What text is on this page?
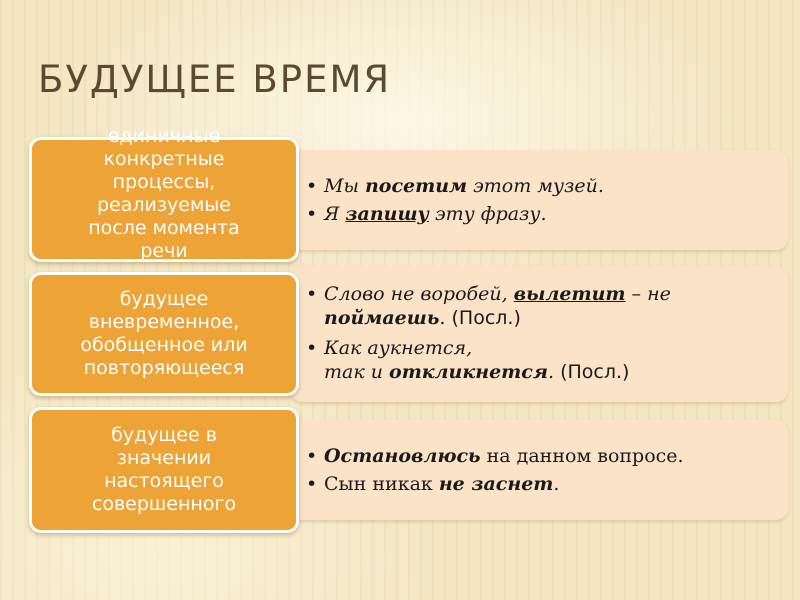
БУДУЩЕЕ ВРЕМЯ
единичные
конкретные
процессы,
реализуемые
после момента
речи
• Мы посетим этот музей.
• Я запишу эту фразу.
будущее
вневременное,
обобщенное или
повторяющееся
• Слово не воробей, вылетит – не
поймаешь. (Посл.)
• Как аукнется,
так и откликнется. (Посл.)
будущее в
значении
настоящего
совершенного
• Остановлюсь на данном вопросе.
• Сын никак не заснет.
